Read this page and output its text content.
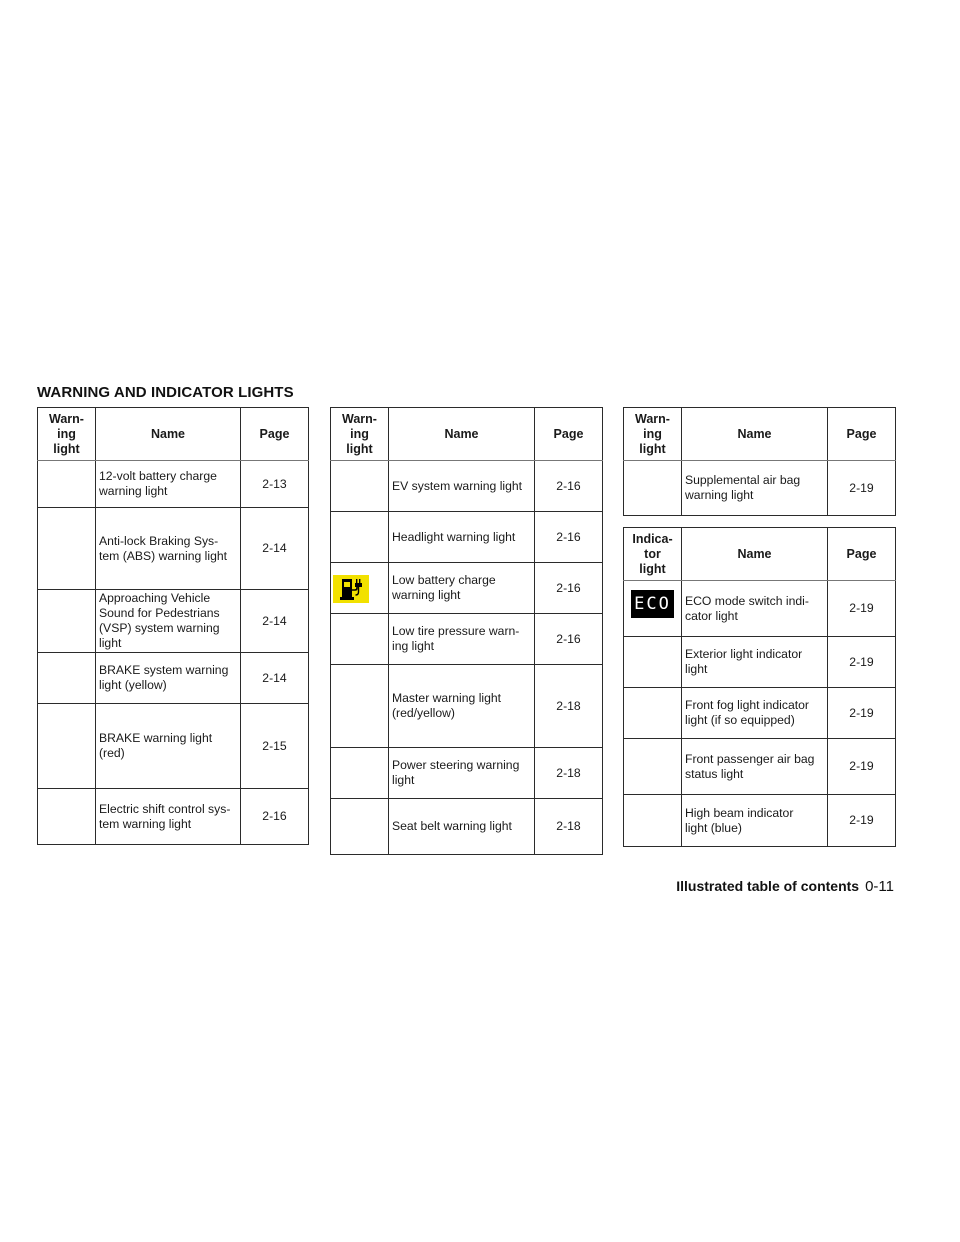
WARNING AND INDICATOR LIGHTS
Warn-
ing
light	Name	Page
	12-volt battery charge
warning light	2-13
	Anti-lock Braking Sys-
tem (ABS) warning light	2-14
	Approaching Vehicle
Sound for Pedestrians
(VSP) system warning
light	2-14
	BRAKE system warning
light (yellow)	2-14
	BRAKE warning light
(red)	2-15
	Electric shift control sys-
tem warning light	2-16
Warn-
ing
light	Name	Page
	EV system warning light	2-16
	Headlight warning light	2-16

	Low battery charge
warning light	2-16
	Low tire pressure warn-
ing light	2-16
	Master warning light
(red/yellow)	2-18
	Power steering warning
light	2-18
	Seat belt warning light	2-18
Warn-
ing
light	Name	Page
	Supplemental air bag
warning light	2-19
Indica-
tor
light	Name	Page
ECO	ECO mode switch indi-
cator light	2-19
	Exterior light indicator
light	2-19
	Front fog light indicator
light (if so equipped)	2-19
	Front passenger air bag
status light	2-19
	High beam indicator
light (blue)	2-19
Illustrated table of contents 0-11
